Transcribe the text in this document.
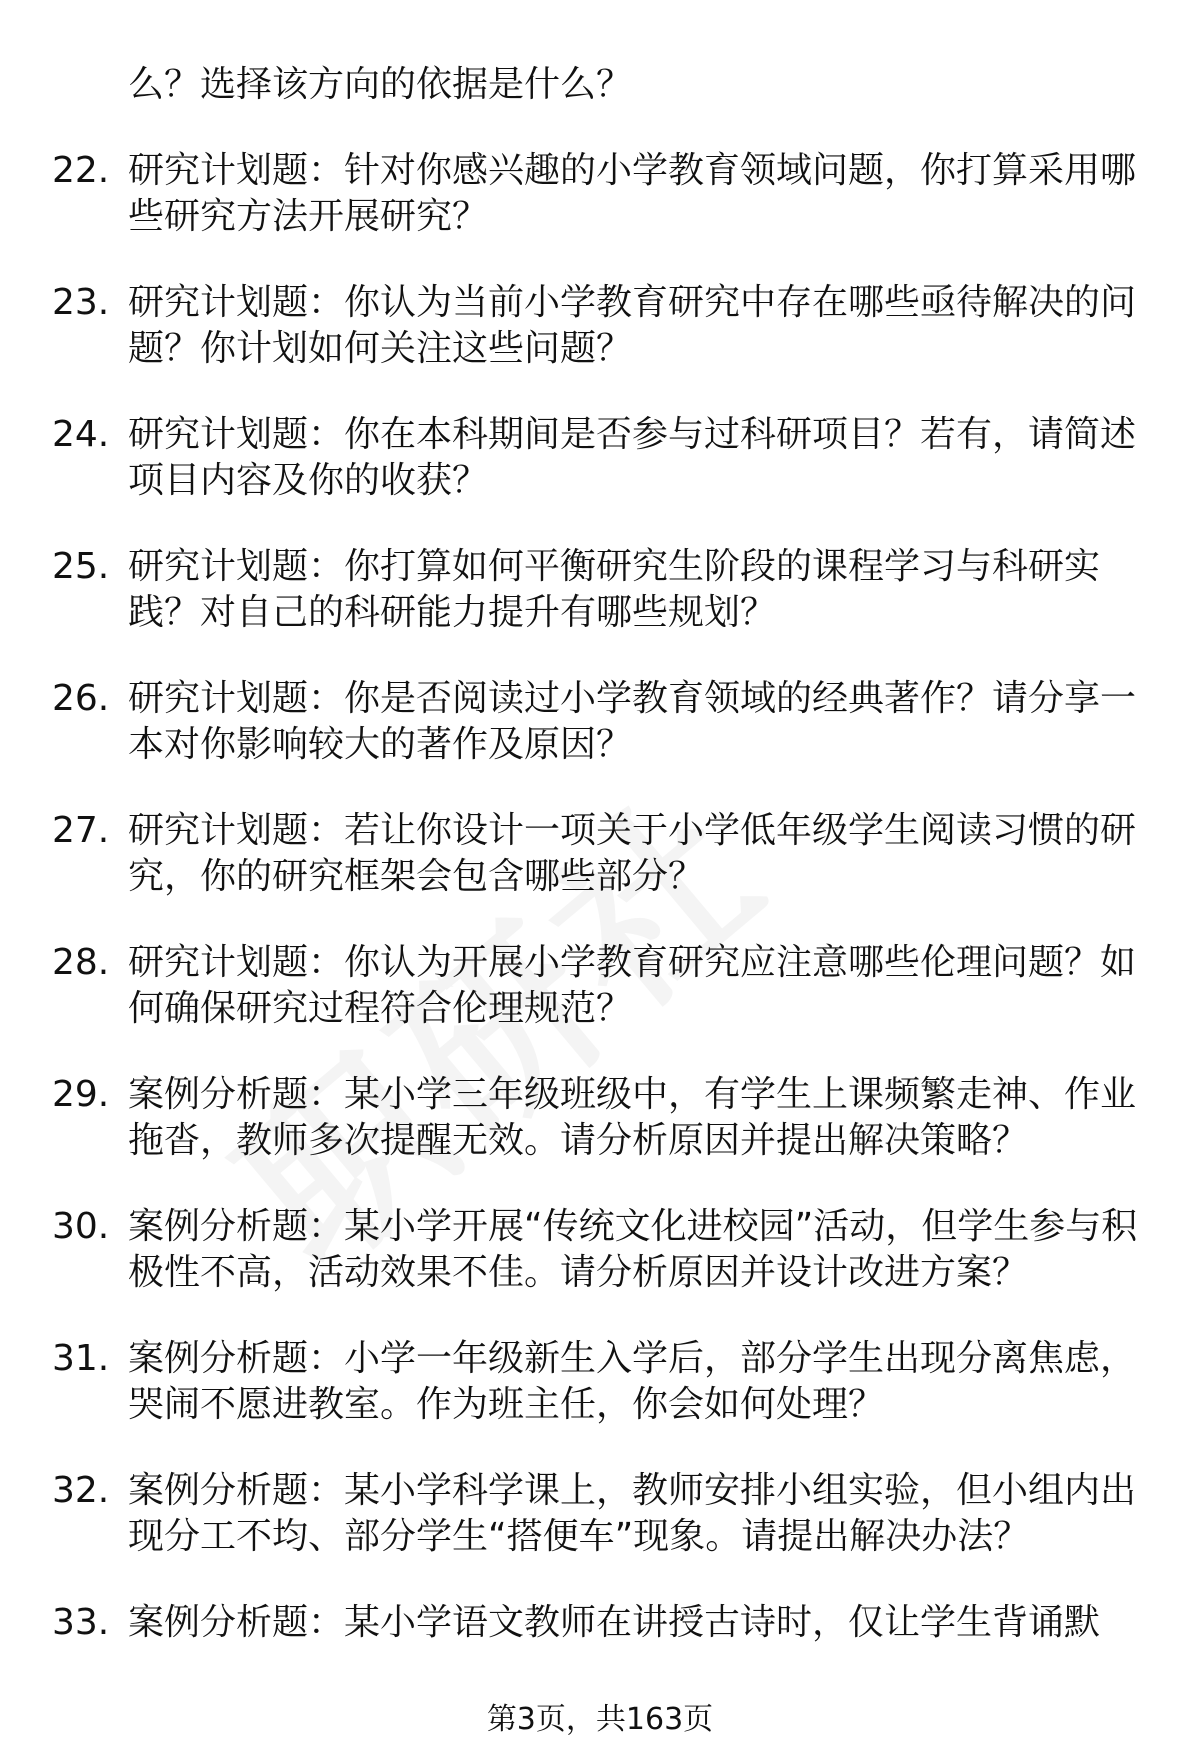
么？选择该方向的依据是什么？
22. 研究计划题：针对你感兴趣的小学教育领域问题，你打算采用哪些研究方法开展研究？
23. 研究计划题：你认为当前小学教育研究中存在哪些亟待解决的问题？你计划如何关注这些问题？
24. 研究计划题：你在本科期间是否参与过科研项目？若有，请简述项目内容及你的收获？
25. 研究计划题：你打算如何平衡研究生阶段的课程学习与科研实践？对自己的科研能力提升有哪些规划？
26. 研究计划题：你是否阅读过小学教育领域的经典著作？请分享一本对你影响较大的著作及原因？
27. 研究计划题：若让你设计一项关于小学低年级学生阅读习惯的研究，你的研究框架会包含哪些部分？
28. 研究计划题：你认为开展小学教育研究应注意哪些伦理问题？如何确保研究过程符合伦理规范？
29. 案例分析题：某小学三年级班级中，有学生上课频繁走神、作业拖沓，教师多次提醒无效。请分析原因并提出解决策略？
30. 案例分析题：某小学开展“传统文化进校园”活动，但学生参与积极性不高，活动效果不佳。请分析原因并设计改进方案？
31. 案例分析题：小学一年级新生入学后，部分学生出现分离焦虑，哭闹不愿进教室。作为班主任，你会如何处理？
32. 案例分析题：某小学科学课上，教师安排小组实验，但小组内出现分工不均、部分学生“搭便车”现象。请提出解决办法？
33. 案例分析题：某小学语文教师在讲授古诗时，仅让学生背诵默
第3页，共163页
